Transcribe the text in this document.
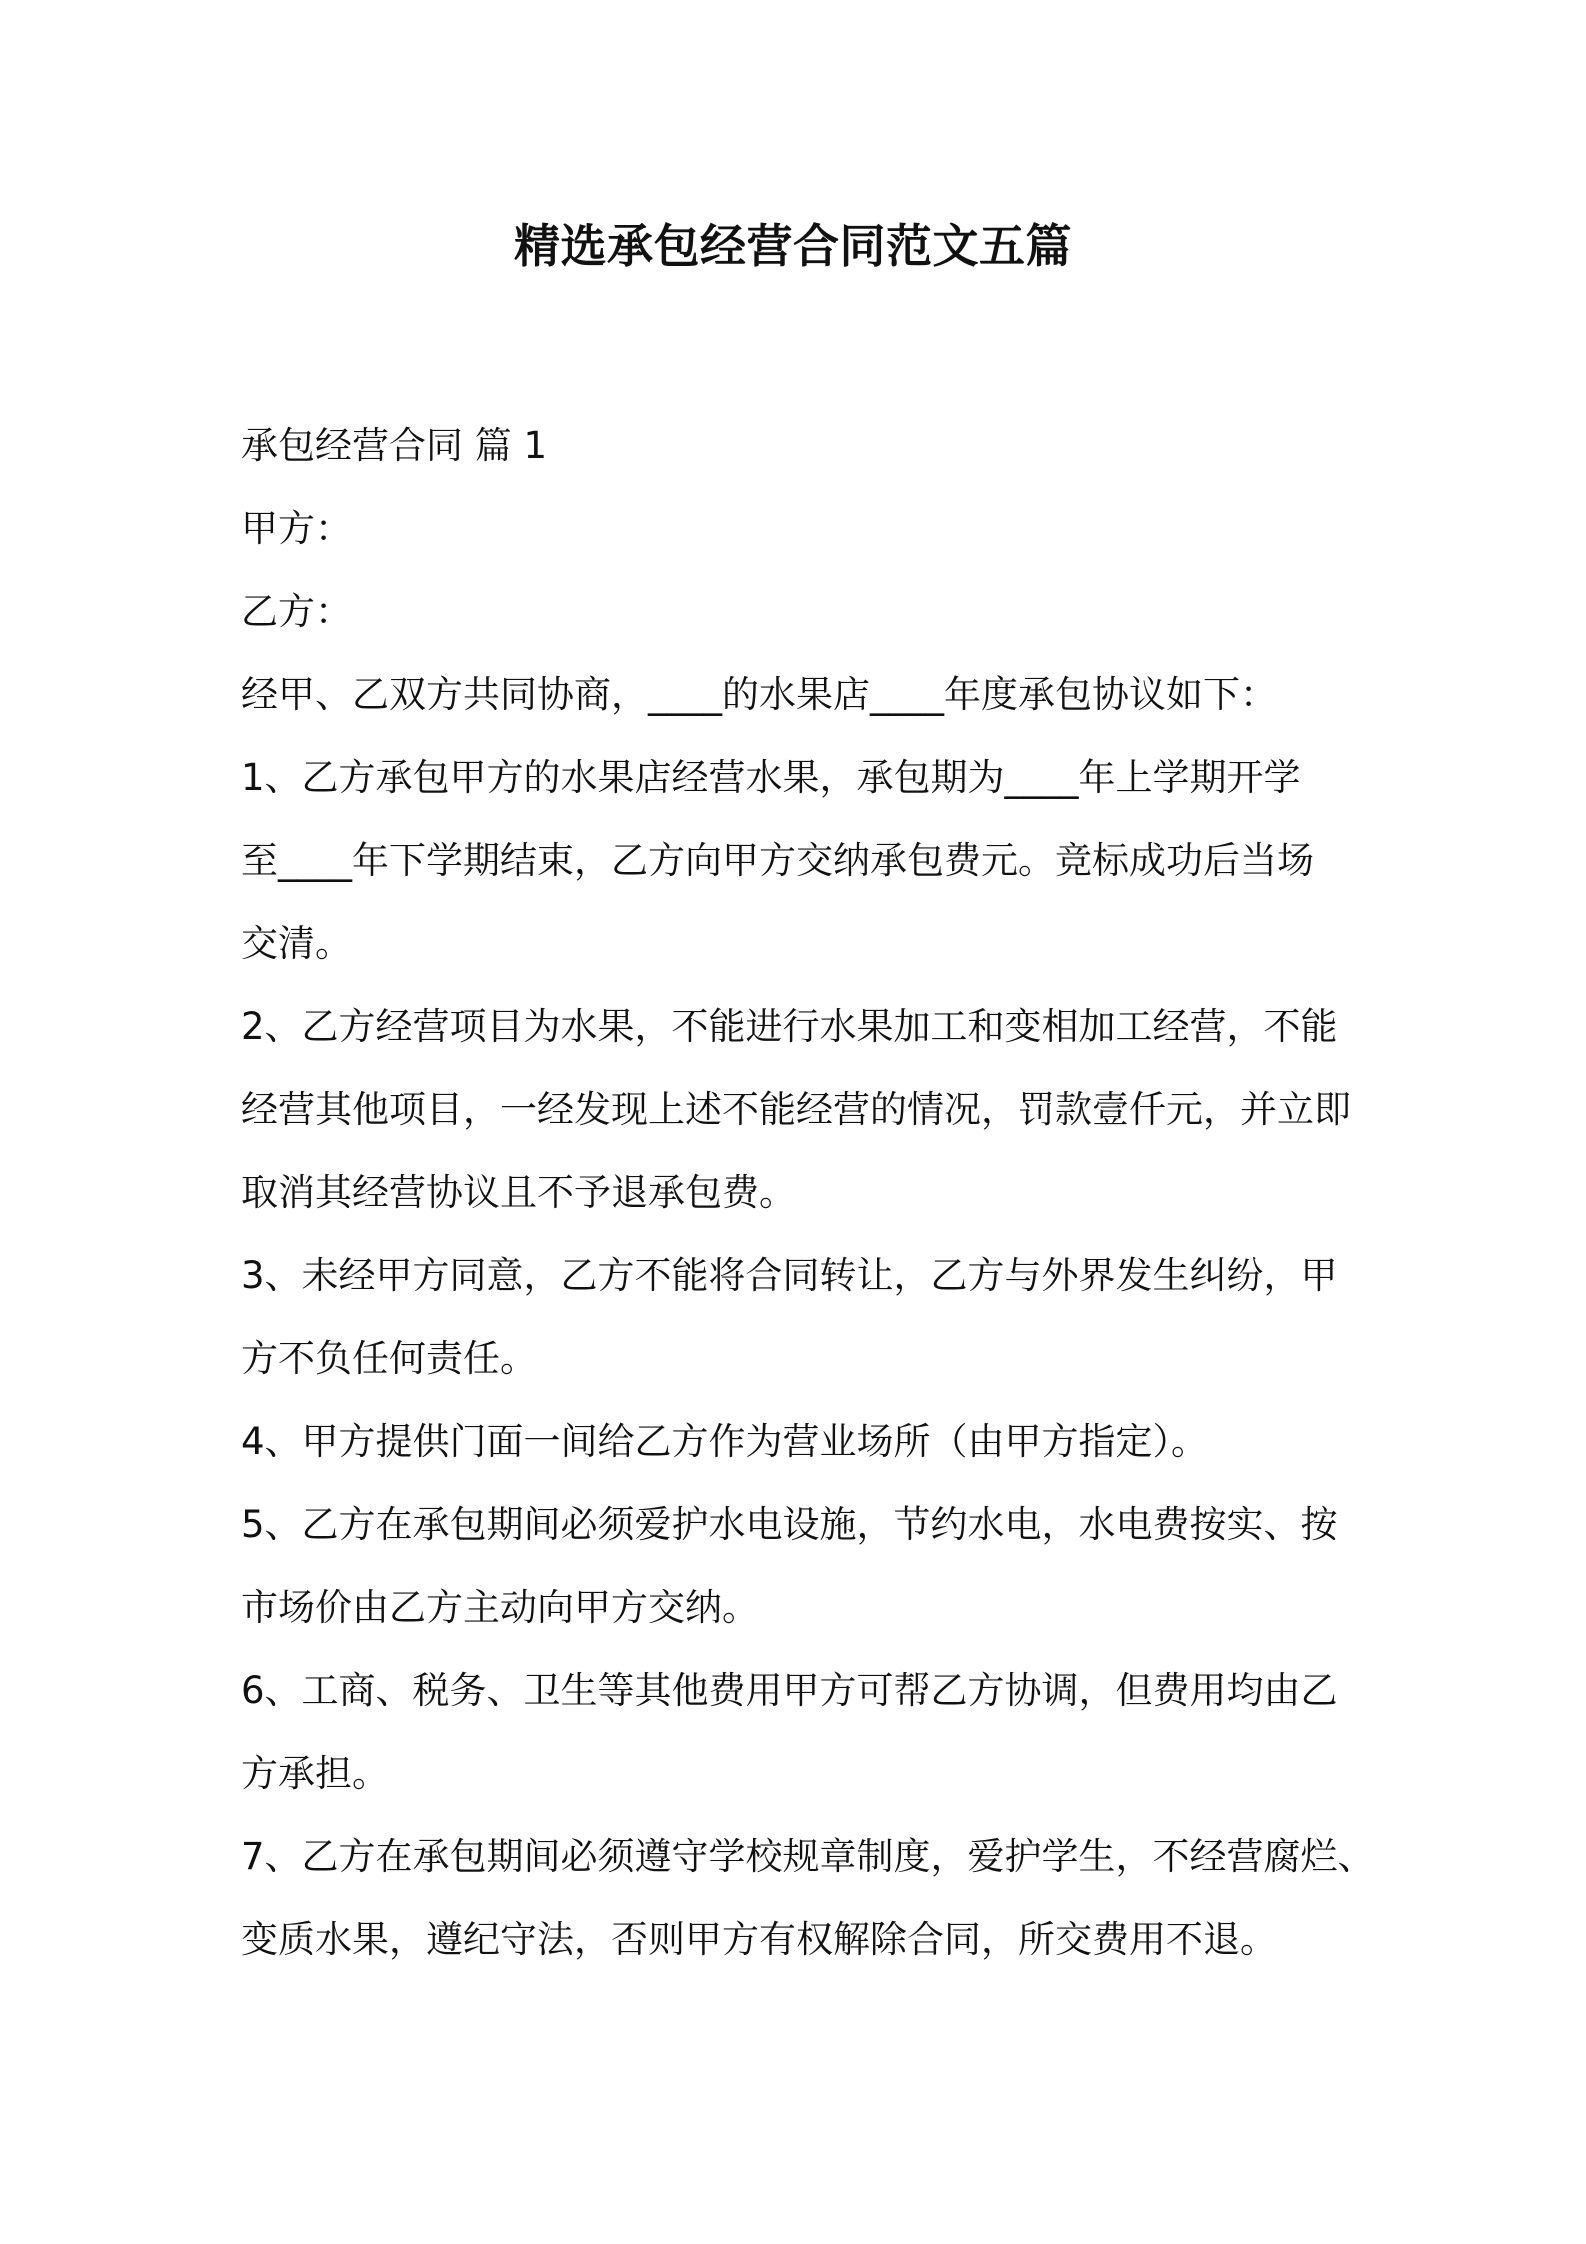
精选承包经营合同范文五篇
承包经营合同 篇 1
甲方：
乙方：
经甲、乙双方共同协商，____的水果店____年度承包协议如下：
1、乙方承包甲方的水果店经营水果，承包期为____年上学期开学
至____年下学期结束，乙方向甲方交纳承包费元。竞标成功后当场
交清。
2、乙方经营项目为水果，不能进行水果加工和变相加工经营，不能
经营其他项目，一经发现上述不能经营的情况，罚款壹仟元，并立即
取消其经营协议且不予退承包费。
3、未经甲方同意，乙方不能将合同转让，乙方与外界发生纠纷，甲
方不负任何责任。
4、甲方提供门面一间给乙方作为营业场所（由甲方指定）。
5、乙方在承包期间必须爱护水电设施，节约水电，水电费按实、按
市场价由乙方主动向甲方交纳。
6、工商、税务、卫生等其他费用甲方可帮乙方协调，但费用均由乙
方承担。
7、乙方在承包期间必须遵守学校规章制度，爱护学生，不经营腐烂、
变质水果，遵纪守法，否则甲方有权解除合同，所交费用不退。
